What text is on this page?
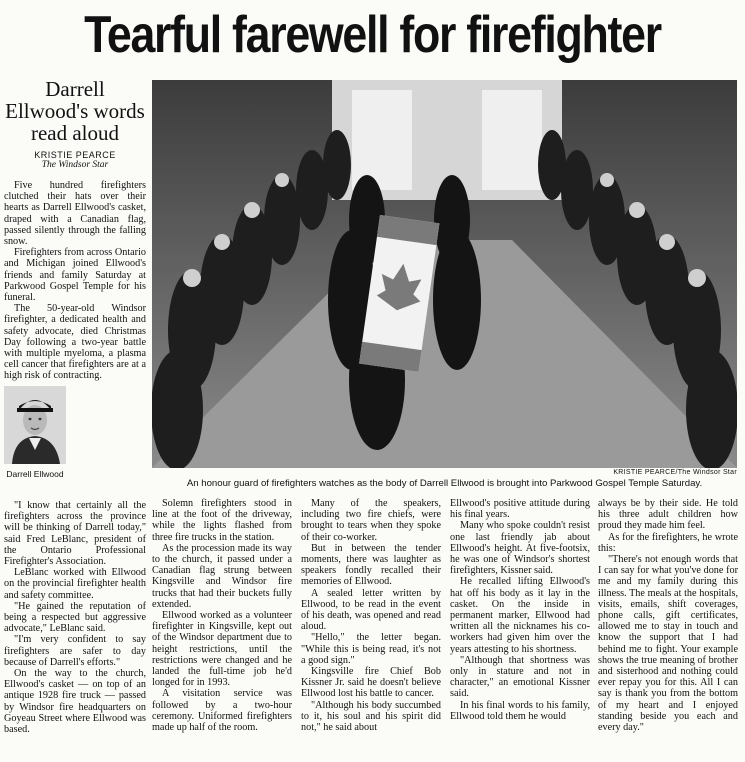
Tearful farewell for firefighter
Darrell Ellwood's words read aloud
KRISTIE PEARCE
The Windsor Star

Five hundred firefighters clutched their hats over their hearts as Darrell Ellwood's casket, draped with a Canadian flag, passed silently through the falling snow.

Firefighters from across Ontario and Michigan joined Ellwood's friends and family Saturday at Parkwood Gospel Temple for his funeral.

The 50-year-old Windsor firefighter, a dedicated health and safety advocate, died Christmas Day following a two-year battle with multiple myeloma, a plasma cell cancer that firefighters are at a high risk of contracting.

Darrell Ellwood	KRISTIE PEARCE/The Windsor Star
An honour guard of firefighters watches as the body of Darrell Ellwood is brought into Parkwood Gospel Temple Saturday.

"I know that certainly all the firefighters across the province will be thinking of Darrell today," said Fred LeBlanc, president of the Ontario Professional Firefighter's Association.

LeBlanc worked with Ellwood on the provincial firefighter health and safety committee.

"He gained the reputation of being a respected but aggressive advocate," LeBlanc said.

"I'm very confident to say firefighters are safer to day because of Darrell's efforts."

On the way to the church, Ellwood's casket — on top of an antique 1928 fire truck — passed by Windsor fire headquarters on Goyeau Street where Ellwood was based.

Solemn firefighters stood in line at the foot of the driveway, while the lights flashed from three fire trucks in the station.

As the procession made its way to the church, it passed under a Canadian flag strung between Kingsville and Windsor fire trucks that had their buckets fully extended.

Ellwood worked as a volunteer firefighter in Kingsville, kept out of the Windsor department due to height restrictions, until the restrictions were changed and he landed the full-time job he'd longed for in 1993.

A visitation service was followed by a two-hour ceremony. Uniformed firefighters made up half of the room.

Many of the speakers, including two fire chiefs, were brought to tears when they spoke of their co-worker.

But in between the tender moments, there was laughter as speakers fondly recalled their memories of Ellwood.

A sealed letter written by Ellwood, to be read in the event of his death, was opened and read aloud.

"Hello," the letter began. "While this is being read, it's not a good sign."

Kingsville fire Chief Bob Kissner Jr. said he doesn't believe Ellwood lost his battle to cancer.

"Although his body succumbed to it, his soul and his spirit did not," he said about

Ellwood's positive attitude during his final years.

Many who spoke couldn't resist one last friendly jab about Ellwood's height. At five-footsix, he was one of Windsor's shortest firefighters, Kissner said.

He recalled lifting Ellwood's hat off his body as it lay in the casket. On the inside in permanent marker, Ellwood had written all the nicknames his co-workers had given him over the years attesting to his shortness.

"Although that shortness was only in stature and not in character," an emotional Kissner said.

In his final words to his family, Ellwood told them he would

always be by their side. He told his three adult children how proud they made him feel.

As for the firefighters, he wrote this:

"There's not enough words that I can say for what you've done for me and my family during this illness. The meals at the hospitals, visits, emails, shift coverages, phone calls, gift certificates, allowed me to stay in touch and know the support that I had behind me to fight. Your example shows the true meaning of brother and sisterhood and nothing could ever repay you for this. All I can say is thank you from the bottom of my heart and I enjoyed standing beside you each and every day."
